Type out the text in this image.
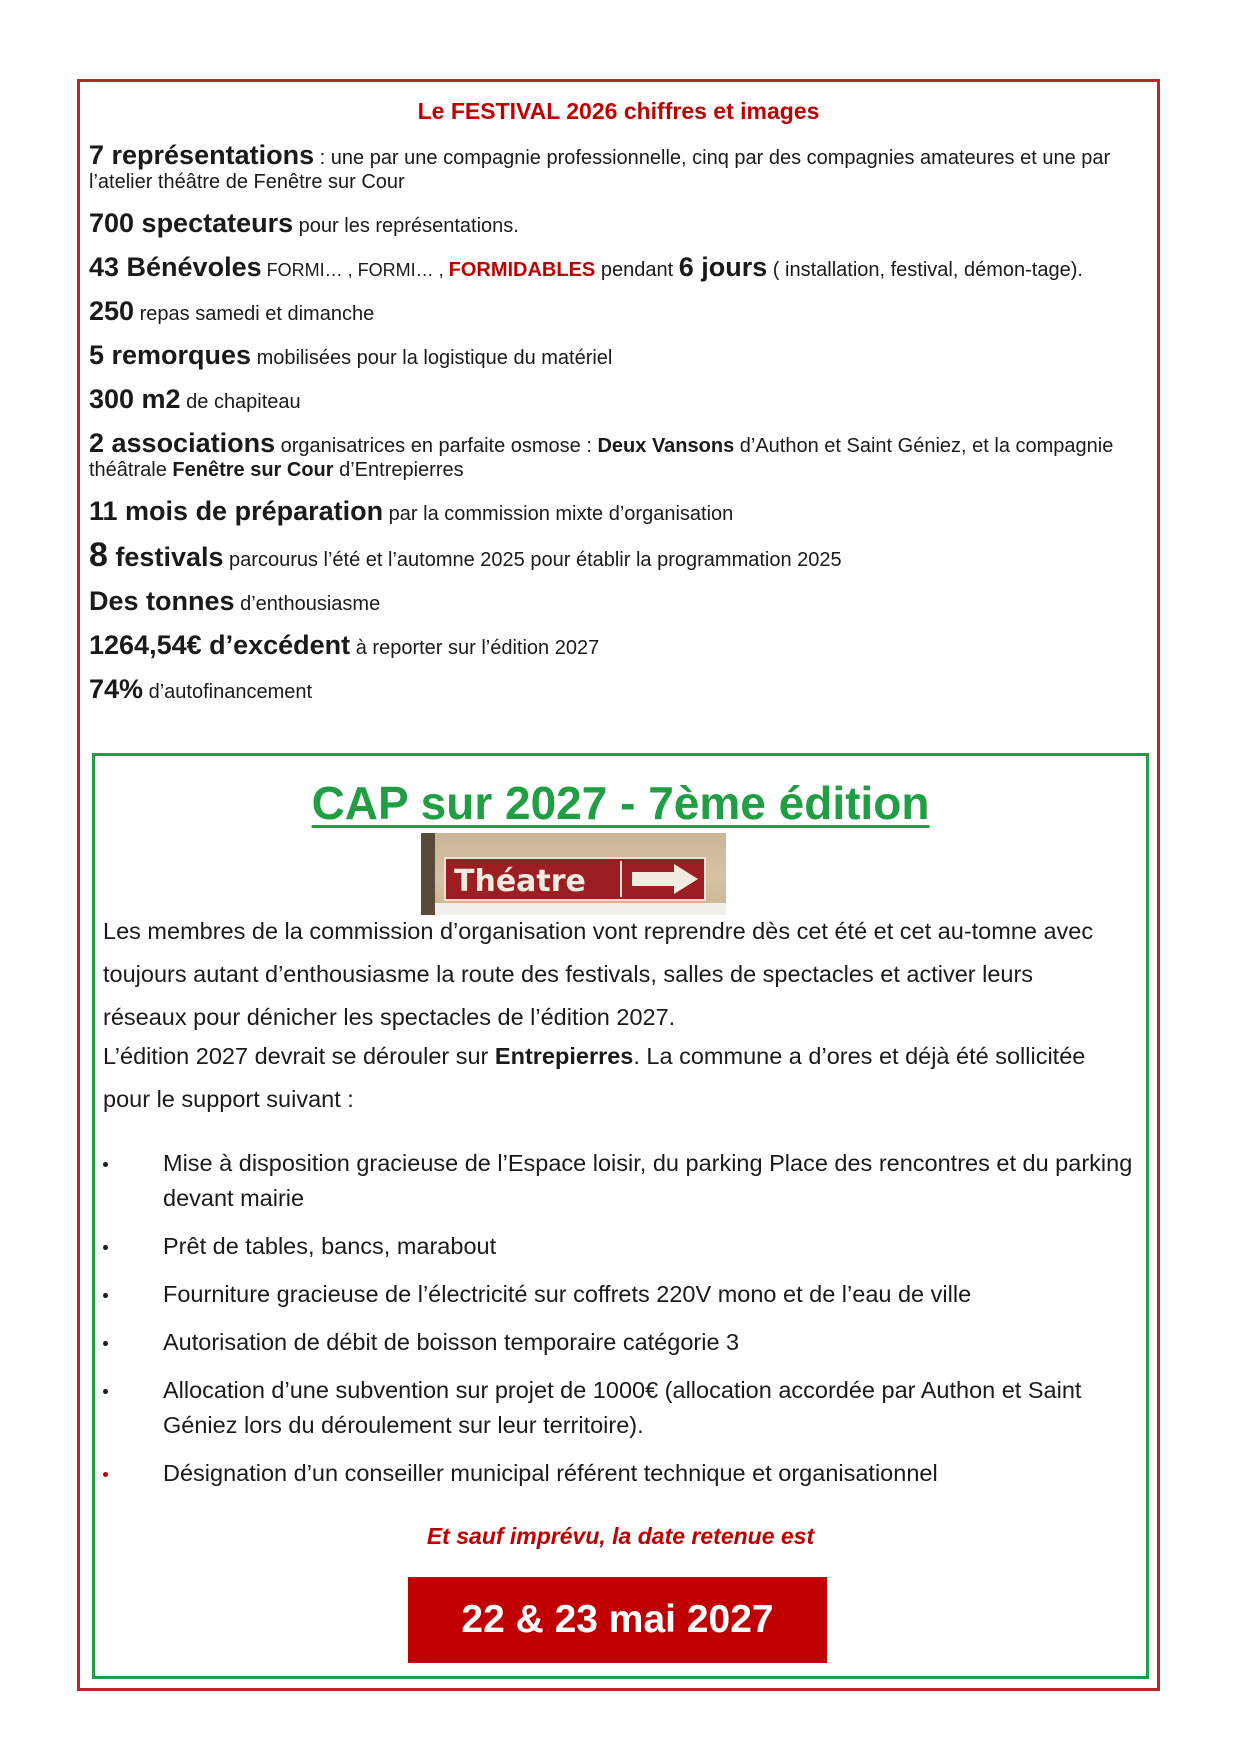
Le FESTIVAL 2026 chiffres et images
7 représentations : une par une compagnie professionnelle, cinq par des compagnies amateures et une par l’atelier théâtre de Fenêtre sur Cour
700 spectateurs pour les représentations.
43 Bénévoles FORMI… , FORMI… , FORMIDABLES pendant 6 jours ( installation, festival, démon-tage).
250 repas samedi et dimanche
5 remorques mobilisées pour la logistique du matériel
300 m2 de chapiteau
2 associations organisatrices en parfaite osmose : Deux Vansons d’Authon et Saint Géniez, et la compagnie théâtrale Fenêtre sur Cour d’Entrepierres
11 mois de préparation par la commission mixte d’organisation
8 festivals parcourus l’été et l’automne 2025 pour établir la programmation 2025
Des tonnes d’enthousiasme
1264,54€ d’excédent à reporter sur l’édition 2027
74% d’autofinancement
CAP sur 2027 - 7ème édition
Théatre
Les membres de la commission d’organisation vont reprendre dès cet été et cet au-tomne avec toujours autant d’enthousiasme la route des festivals, salles de spectacles et activer leurs réseaux pour dénicher les spectacles de l’édition 2027.
L’édition 2027 devrait se dérouler sur Entrepierres. La commune a d’ores et déjà été sollicitée pour le support suivant :
Mise à disposition gracieuse de l’Espace loisir, du parking Place des rencontres et du parking devant mairie
Prêt de tables, bancs, marabout
Fourniture gracieuse de l’électricité sur coffrets 220V mono et de l’eau de ville
Autorisation de débit de boisson temporaire catégorie 3
Allocation d’une subvention sur projet de 1000€ (allocation accordée par Authon et Saint Géniez lors du déroulement sur leur territoire).
Désignation d’un conseiller municipal référent technique et organisationnel
Et sauf imprévu, la date retenue est
22 & 23 mai 2027
